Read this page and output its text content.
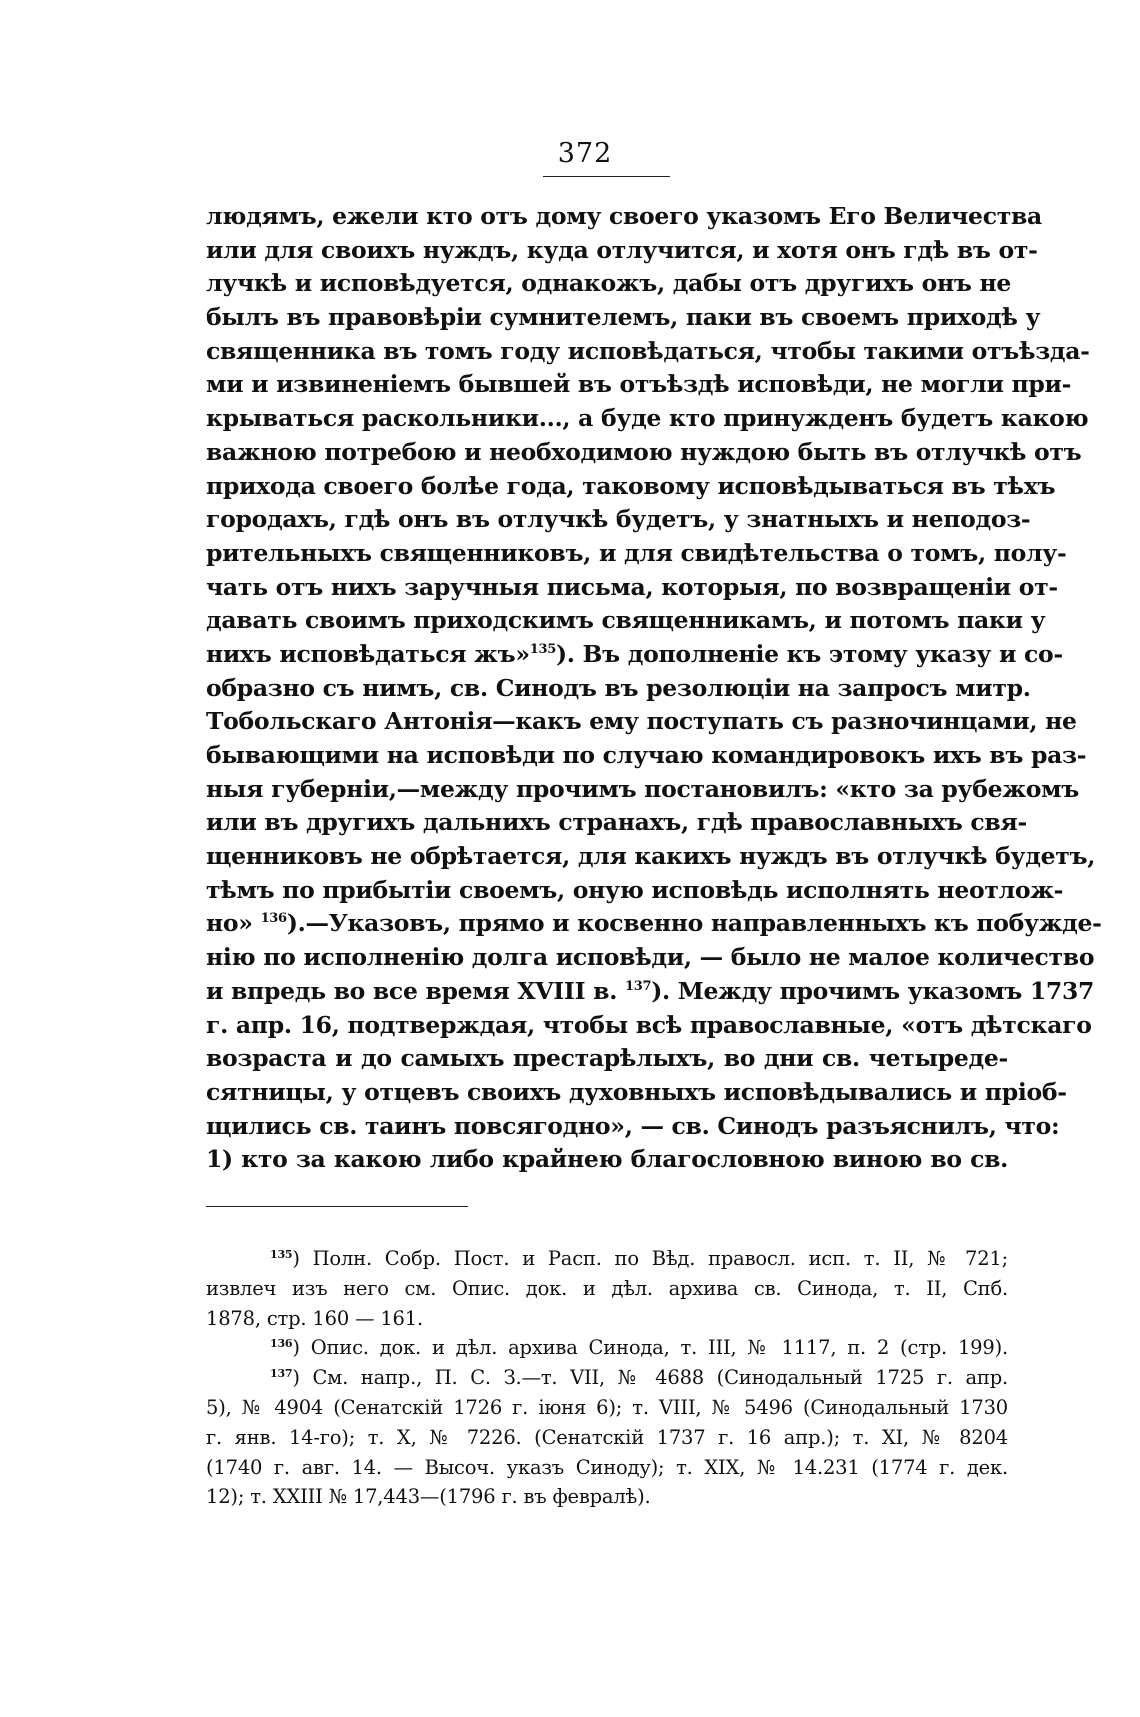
372
людямъ, ежели кто отъ дому своего указомъ Его Величества
или для своихъ нуждъ, куда отлучится, и хотя онъ гдѣ въ от-
лучкѣ и исповѣдуется, однакожъ, дабы отъ другихъ онъ не
былъ въ правовѣріи сумнителемъ, паки въ своемъ приходѣ у
священника въ томъ году исповѣдаться, чтобы такими отъѣзда-
ми и извиненіемъ бывшей въ отъѣздѣ исповѣди, не могли при-
крываться раскольники..., а буде кто принужденъ будетъ какою
важною потребою и необходимою нуждою быть въ отлучкѣ отъ
прихода своего болѣе года, таковому исповѣдываться въ тѣхъ
городахъ, гдѣ онъ въ отлучкѣ будетъ, у знатныхъ и неподоз-
рительныхъ священниковъ, и для свидѣтельства о томъ, полу-
чать отъ нихъ заручныя письма, которыя, по возвращеніи от-
давать своимъ приходскимъ священникамъ, и потомъ паки у
нихъ исповѣдаться жъ»$^{135}$). Въ дополненіе къ этому указу и со-
образно съ нимъ, св. Синодъ въ резолюціи на запросъ митр.
Тобольскаго Антонія—какъ ему поступать съ разночинцами, не
бывающими на исповѣди по случаю командировокъ ихъ въ раз-
ныя губерніи,—между прочимъ постановилъ: «кто за рубежомъ
или въ другихъ дальнихъ странахъ, гдѣ православныхъ свя-
щенниковъ не обрѣтается, для какихъ нуждъ въ отлучкѣ будетъ,
тѣмъ по прибытіи своемъ, оную исповѣдь исполнять неотлож-
но» $^{136}$).—Указовъ, прямо и косвенно направленныхъ къ побужде-
нію по исполненію долга исповѣди, — было не малое количество
и впредь во все время XVIII в. $^{137}$). Между прочимъ указомъ 1737
г. апр. 16, подтверждая, чтобы всѣ православные, «отъ дѣтскаго
возраста и до самыхъ престарѣлыхъ, во дни св. четыреде-
сятницы, у отцевъ своихъ духовныхъ исповѣдывались и пріоб-
щились св. таинъ повсягодно», — св. Синодъ разъяснилъ, что:
1) кто за какою либо крайнею благословною виною во св.
$^{135}$) Полн. Собр. Пост. и Расп. по Вѣд. правосл. исп. т. II, № 721;
извлеч изъ него см. Опис. док. и дѣл. архива св. Синода, т. II, Спб.
1878, стр. 160 — 161.
$^{136}$) Опис. док. и дѣл. архива Синода, т. III, № 1117, п. 2 (стр. 199).
$^{137}$) См. напр., П. С. З.—т. VII, № 4688 (Синодальный 1725 г. апр.
5), № 4904 (Сенатскій 1726 г. іюня 6); т. VIII, № 5496 (Синодальный 1730
г. янв. 14-го); т. X, № 7226. (Сенатскій 1737 г. 16 апр.); т. XI, № 8204
(1740 г. авг. 14. — Высоч. указъ Синоду); т. XIX, № 14.231 (1774 г. дек.
12); т. XXIII № 17,443—(1796 г. въ февралѣ).
